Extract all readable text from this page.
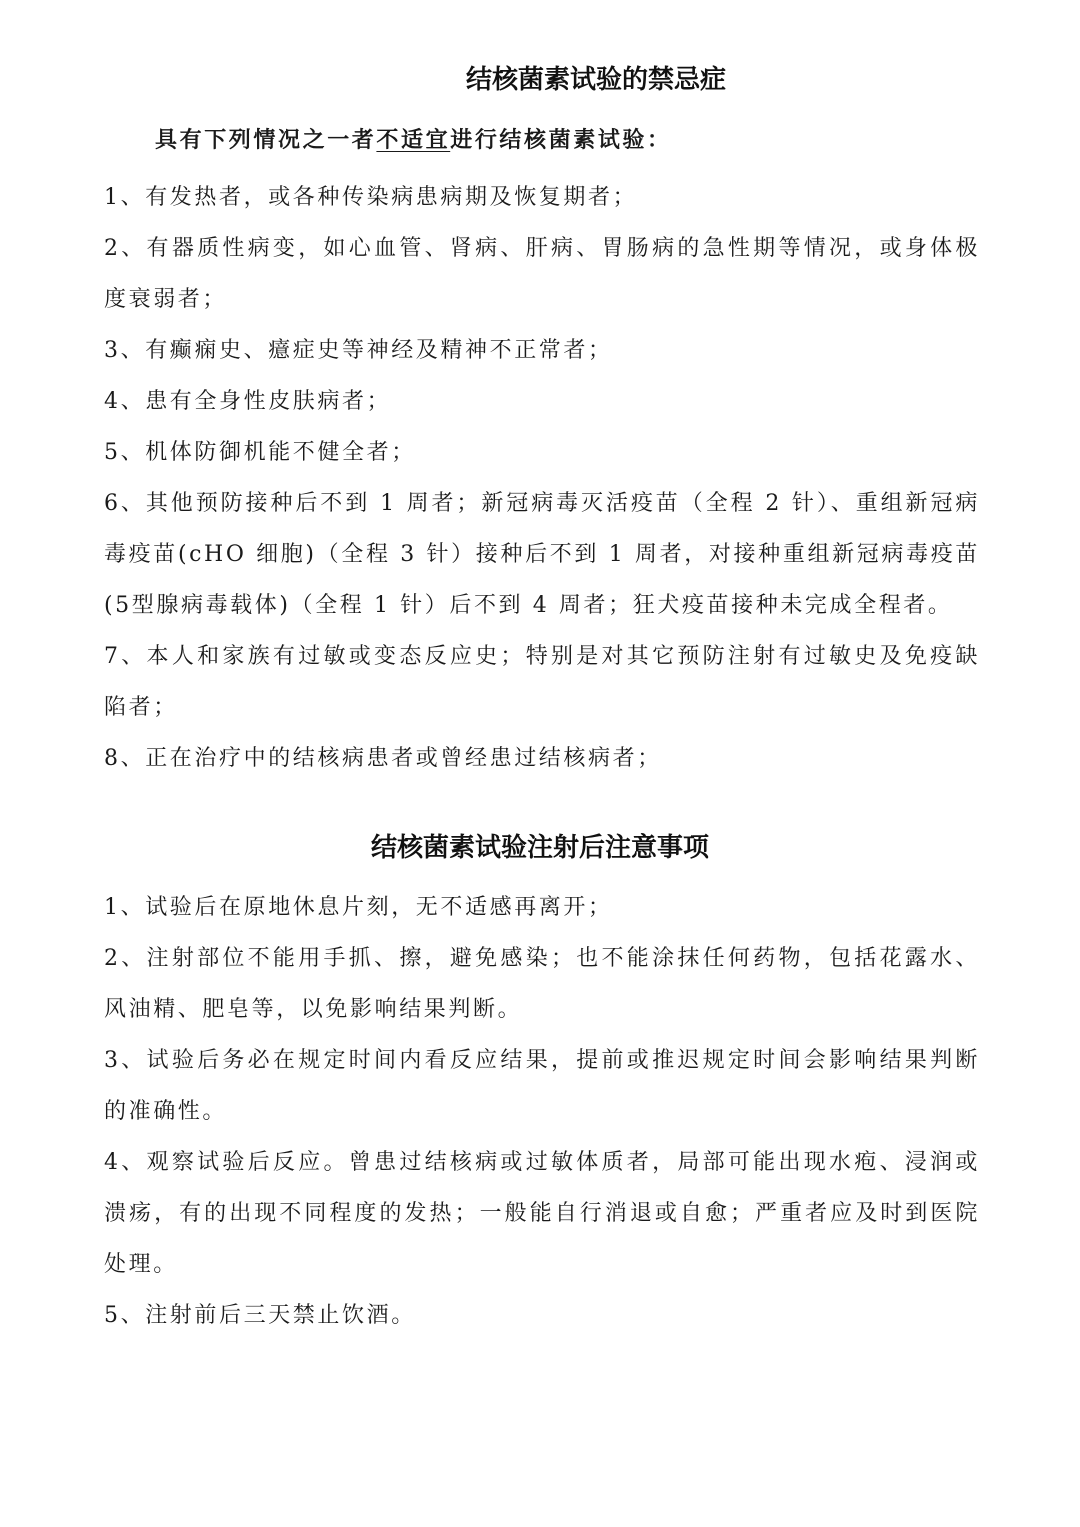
结核菌素试验的禁忌症

具有下列情况之一者不适宜进行结核菌素试验：

1、有发热者，或各种传染病患病期及恢复期者；
2、有器质性病变，如心血管、肾病、肝病、胃肠病的急性期等情况，或身体极度衰弱者；
3、有癫痫史、癔症史等神经及精神不正常者；
4、患有全身性皮肤病者；
5、机体防御机能不健全者；
6、其他预防接种后不到 1 周者；新冠病毒灭活疫苗（全程 2 针）、重组新冠病毒疫苗(cHO 细胞)（全程 3 针）接种后不到 1 周者，对接种重组新冠病毒疫苗(5型腺病毒载体)（全程 1 针）后不到 4 周者；狂犬疫苗接种未完成全程者。
7、本人和家族有过敏或变态反应史；特别是对其它预防注射有过敏史及免疫缺陷者；
8、正在治疗中的结核病患者或曾经患过结核病者；
结核菌素试验注射后注意事项
1、试验后在原地休息片刻，无不适感再离开；
2、注射部位不能用手抓、擦，避免感染；也不能涂抹任何药物，包括花露水、风油精、肥皂等，以免影响结果判断。
3、试验后务必在规定时间内看反应结果，提前或推迟规定时间会影响结果判断的准确性。
4、观察试验后反应。曾患过结核病或过敏体质者，局部可能出现水疱、浸润或溃疡，有的出现不同程度的发热；一般能自行消退或自愈；严重者应及时到医院处理。
5、注射前后三天禁止饮酒。
